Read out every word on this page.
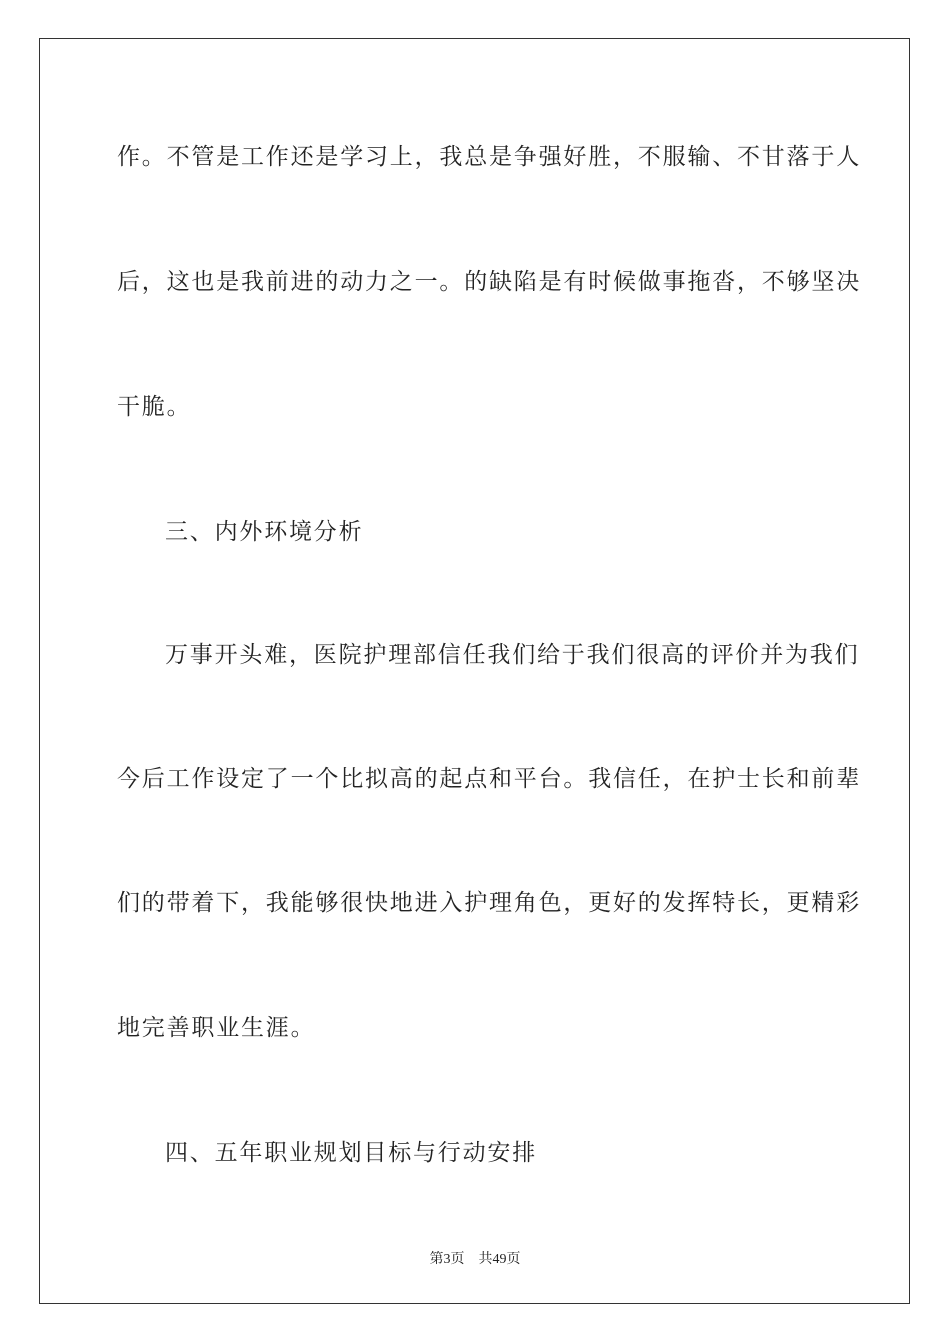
作。不管是工作还是学习上，我总是争强好胜，不服输、不甘落于人
后，这也是我前进的动力之一。的缺陷是有时候做事拖沓，不够坚决
干脆。
三、内外环境分析
万事开头难，医院护理部信任我们给于我们很高的评价并为我们
今后工作设定了一个比拟高的起点和平台。我信任，在护士长和前辈
们的带着下，我能够很快地进入护理角色，更好的发挥特长，更精彩
地完善职业生涯。
四、五年职业规划目标与行动安排
第3页 共49页
